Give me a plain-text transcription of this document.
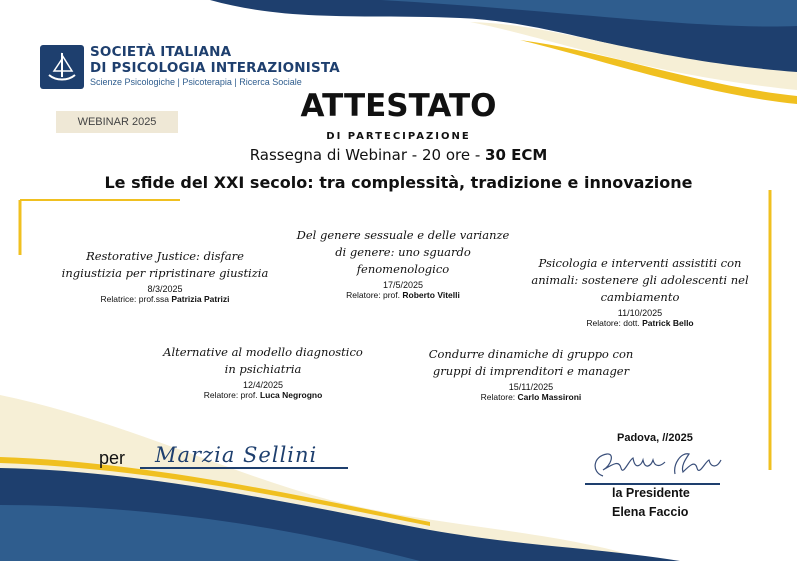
SOCIETÀ ITALIANA
DI PSICOLOGIA INTERAZIONISTA
Scienze Psicologiche | Psicoterapia | Ricerca Sociale
WEBINAR 2025	ATTESTATO
DI PARTECIPAZIONE
Rassegna di Webinar - 20 ore - 30 ECM
Le sfide del XXI secolo: tra complessità, tradizione e innovazione
Restorative Justice: disfare ingiustizia per ripristinare giustizia
8/3/2025
Relatrice: prof.ssa Patrizia Patrizi
Del genere sessuale e delle varianze di genere: uno sguardo fenomenologico
17/5/2025
Relatore: prof. Roberto Vitelli
Psicologia e interventi assistiti con animali: sostenere gli adolescenti nel cambiamento
11/10/2025
Relatore: dott. Patrick Bello
Alternative al modello diagnostico in psichiatria
12/4/2025
Relatore: prof. Luca Negrogno
Condurre dinamiche di gruppo con gruppi di imprenditori e manager
15/11/2025
Relatore: Carlo Massironi
per Marzia Sellini
Padova, //2025
la Presidente
Elena Faccio
